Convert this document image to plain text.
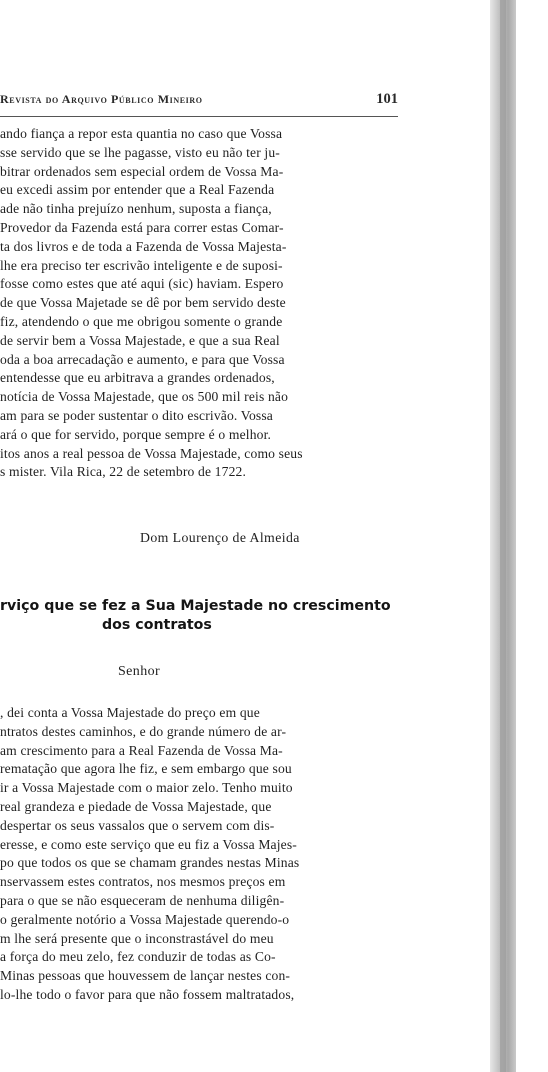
Revista do Arquivo Público Mineiro	101
ando fiança a repor esta quantia no caso que Vossa
sse servido que se lhe pagasse, visto eu não ter ju-
bitrar ordenados sem especial ordem de Vossa Ma-
eu excedi assim por entender que a Real Fazenda
ade não tinha prejuízo nenhum, suposta a fiança,
Provedor da Fazenda está para correr estas Comar-
ta dos livros e de toda a Fazenda de Vossa Majesta-
lhe era preciso ter escrivão inteligente e de suposi-
fosse como estes que até aqui (sic) haviam. Espero
de que Vossa Majetade se dê por bem servido deste
fiz, atendendo o que me obrigou somente o grande
de servir bem a Vossa Majestade, e que a sua Real
oda a boa arrecadação e aumento, e para que Vossa
entendesse que eu arbitrava a grandes ordenados,
notícia de Vossa Majestade, que os 500 mil reis não
am para se poder sustentar o dito escrivão. Vossa
ará o que for servido, porque sempre é o melhor.
itos anos a real pessoa de Vossa Majestade, como seus
s mister. Vila Rica, 22 de setembro de 1722.
Dom Lourenço de Almeida
rviço que se fez a Sua Majestade no crescimento
dos contratos
Senhor
, dei conta a Vossa Majestade do preço em que
ntratos destes caminhos, e do grande número de ar-
am crescimento para a Real Fazenda de Vossa Ma-
rematação que agora lhe fiz, e sem embargo que sou
ir a Vossa Majestade com o maior zelo. Tenho muito
real grandeza e piedade de Vossa Majestade, que
despertar os seus vassalos que o servem com dis-
eresse, e como este serviço que eu fiz a Vossa Majes-
po que todos os que se chamam grandes nestas Minas
nservassem estes contratos, nos mesmos preços em
para o que se não esqueceram de nenhuma diligên-
o geralmente notório a Vossa Majestade querendo-o
m lhe será presente que o inconstrastável do meu
a força do meu zelo, fez conduzir de todas as Co-
Minas pessoas que houvessem de lançar nestes con-
lo-lhe todo o favor para que não fossem maltratados,
